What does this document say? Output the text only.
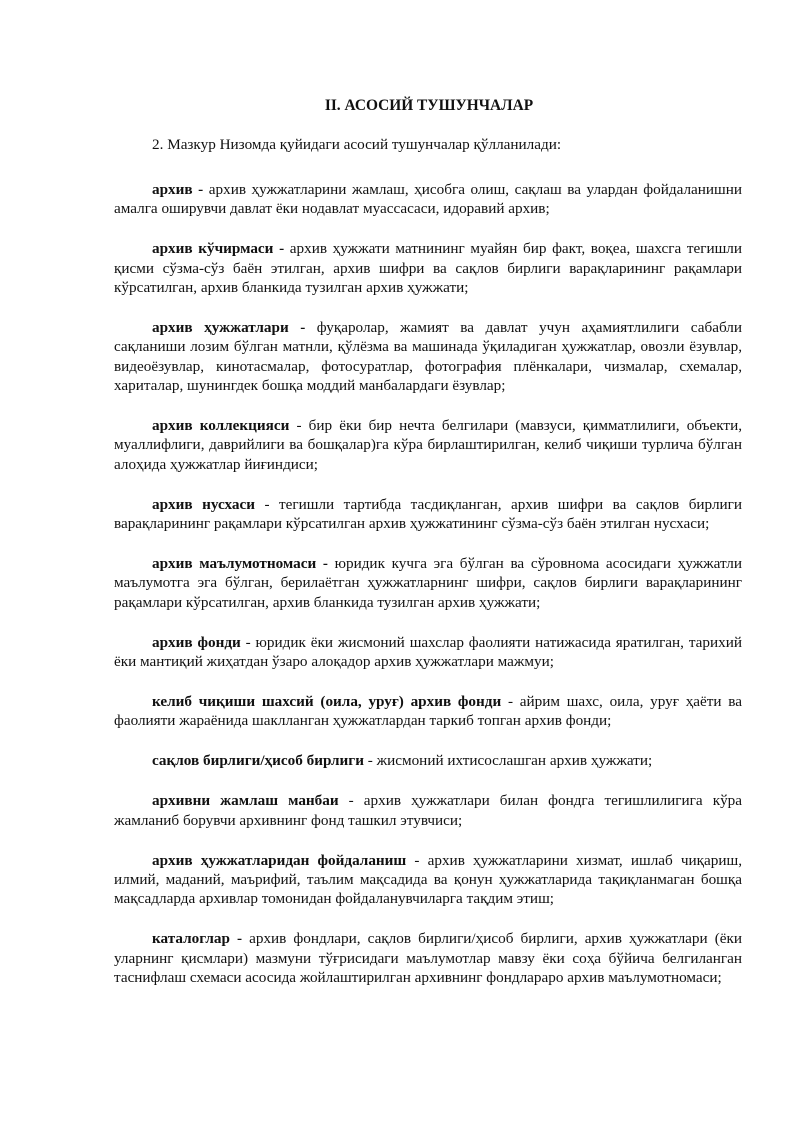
II. АСОСИЙ ТУШУНЧАЛАР

2. Мазкур Низомда қуйидаги асосий тушунчалар қўлланилади:

архив - архив ҳужжатларини жамлаш, ҳисобга олиш, сақлаш ва улардан фойдаланишни амалга оширувчи давлат ёки нодавлат муассасаси, идоравий архив;

архив кўчирмаси - архив ҳужжати матнининг муайян бир факт, воқеа, шахсга тегишли қисми сўзма-сўз баён этилган, архив шифри ва сақлов бирлиги варақларининг рақамлари кўрсатилган, архив бланкида тузилган архив ҳужжати;

архив ҳужжатлари - фуқаролар, жамият ва давлат учун аҳамиятлилиги сабабли сақланиши лозим бўлган матнли, қўлёзма ва машинада ўқиладиган ҳужжатлар, овозли ёзувлар, видеоёзувлар, кинотасмалар, фотосуратлар, фотография плёнкалари, чизмалар, схемалар, хариталар, шунингдек бошқа моддий манбалардаги ёзувлар;

архив коллекцияси - бир ёки бир нечта белгилари (мавзуси, қимматлилиги, объекти, муаллифлиги, даврийлиги ва бошқалар)га кўра бирлаштирилган, келиб чиқиши турлича бўлган алоҳида ҳужжатлар йиғиндиси;

архив нусхаси - тегишли тартибда тасдиқланган, архив шифри ва сақлов бирлиги варақларининг рақамлари кўрсатилган архив ҳужжатининг сўзма-сўз баён этилган нусхаси;

архив маълумотномаси - юридик кучга эга бўлган ва сўровнома асосидаги ҳужжатли маълумотга эга бўлган, берилаётган ҳужжатларнинг шифри, сақлов бирлиги варақларининг рақамлари кўрсатилган, архив бланкида тузилган архив ҳужжати;

архив фонди - юридик ёки жисмоний шахслар фаолияти натижасида яратилган, тарихий ёки мантиқий жиҳатдан ўзаро алоқадор архив ҳужжатлари мажмуи;

келиб чиқиши шахсий (оила, уруғ) архив фонди - айрим шахс, оила, уруғ ҳаёти ва фаолияти жараёнида шаклланган ҳужжатлардан таркиб топган архив фонди;

сақлов бирлиги/ҳисоб бирлиги - жисмоний ихтисослашган архив ҳужжати;

архивни жамлаш манбаи - архив ҳужжатлари билан фондга тегишлилигига кўра жамланиб борувчи архивнинг фонд ташкил этувчиси;

архив ҳужжатларидан фойдаланиш - архив ҳужжатларини хизмат, ишлаб чиқариш, илмий, маданий, маърифий, таълим мақсадида ва қонун ҳужжатларида тақиқланмаган бошқа мақсадларда архивлар томонидан фойдаланувчиларга тақдим этиш;

каталоглар - архив фондлари, сақлов бирлиги/ҳисоб бирлиги, архив ҳужжатлари (ёки уларнинг қисмлари) мазмуни тўғрисидаги маълумотлар мавзу ёки соҳа бўйича белгиланган таснифлаш схемаси асосида жойлаштирилган архивнинг фондлараро архив маълумотномаси;
